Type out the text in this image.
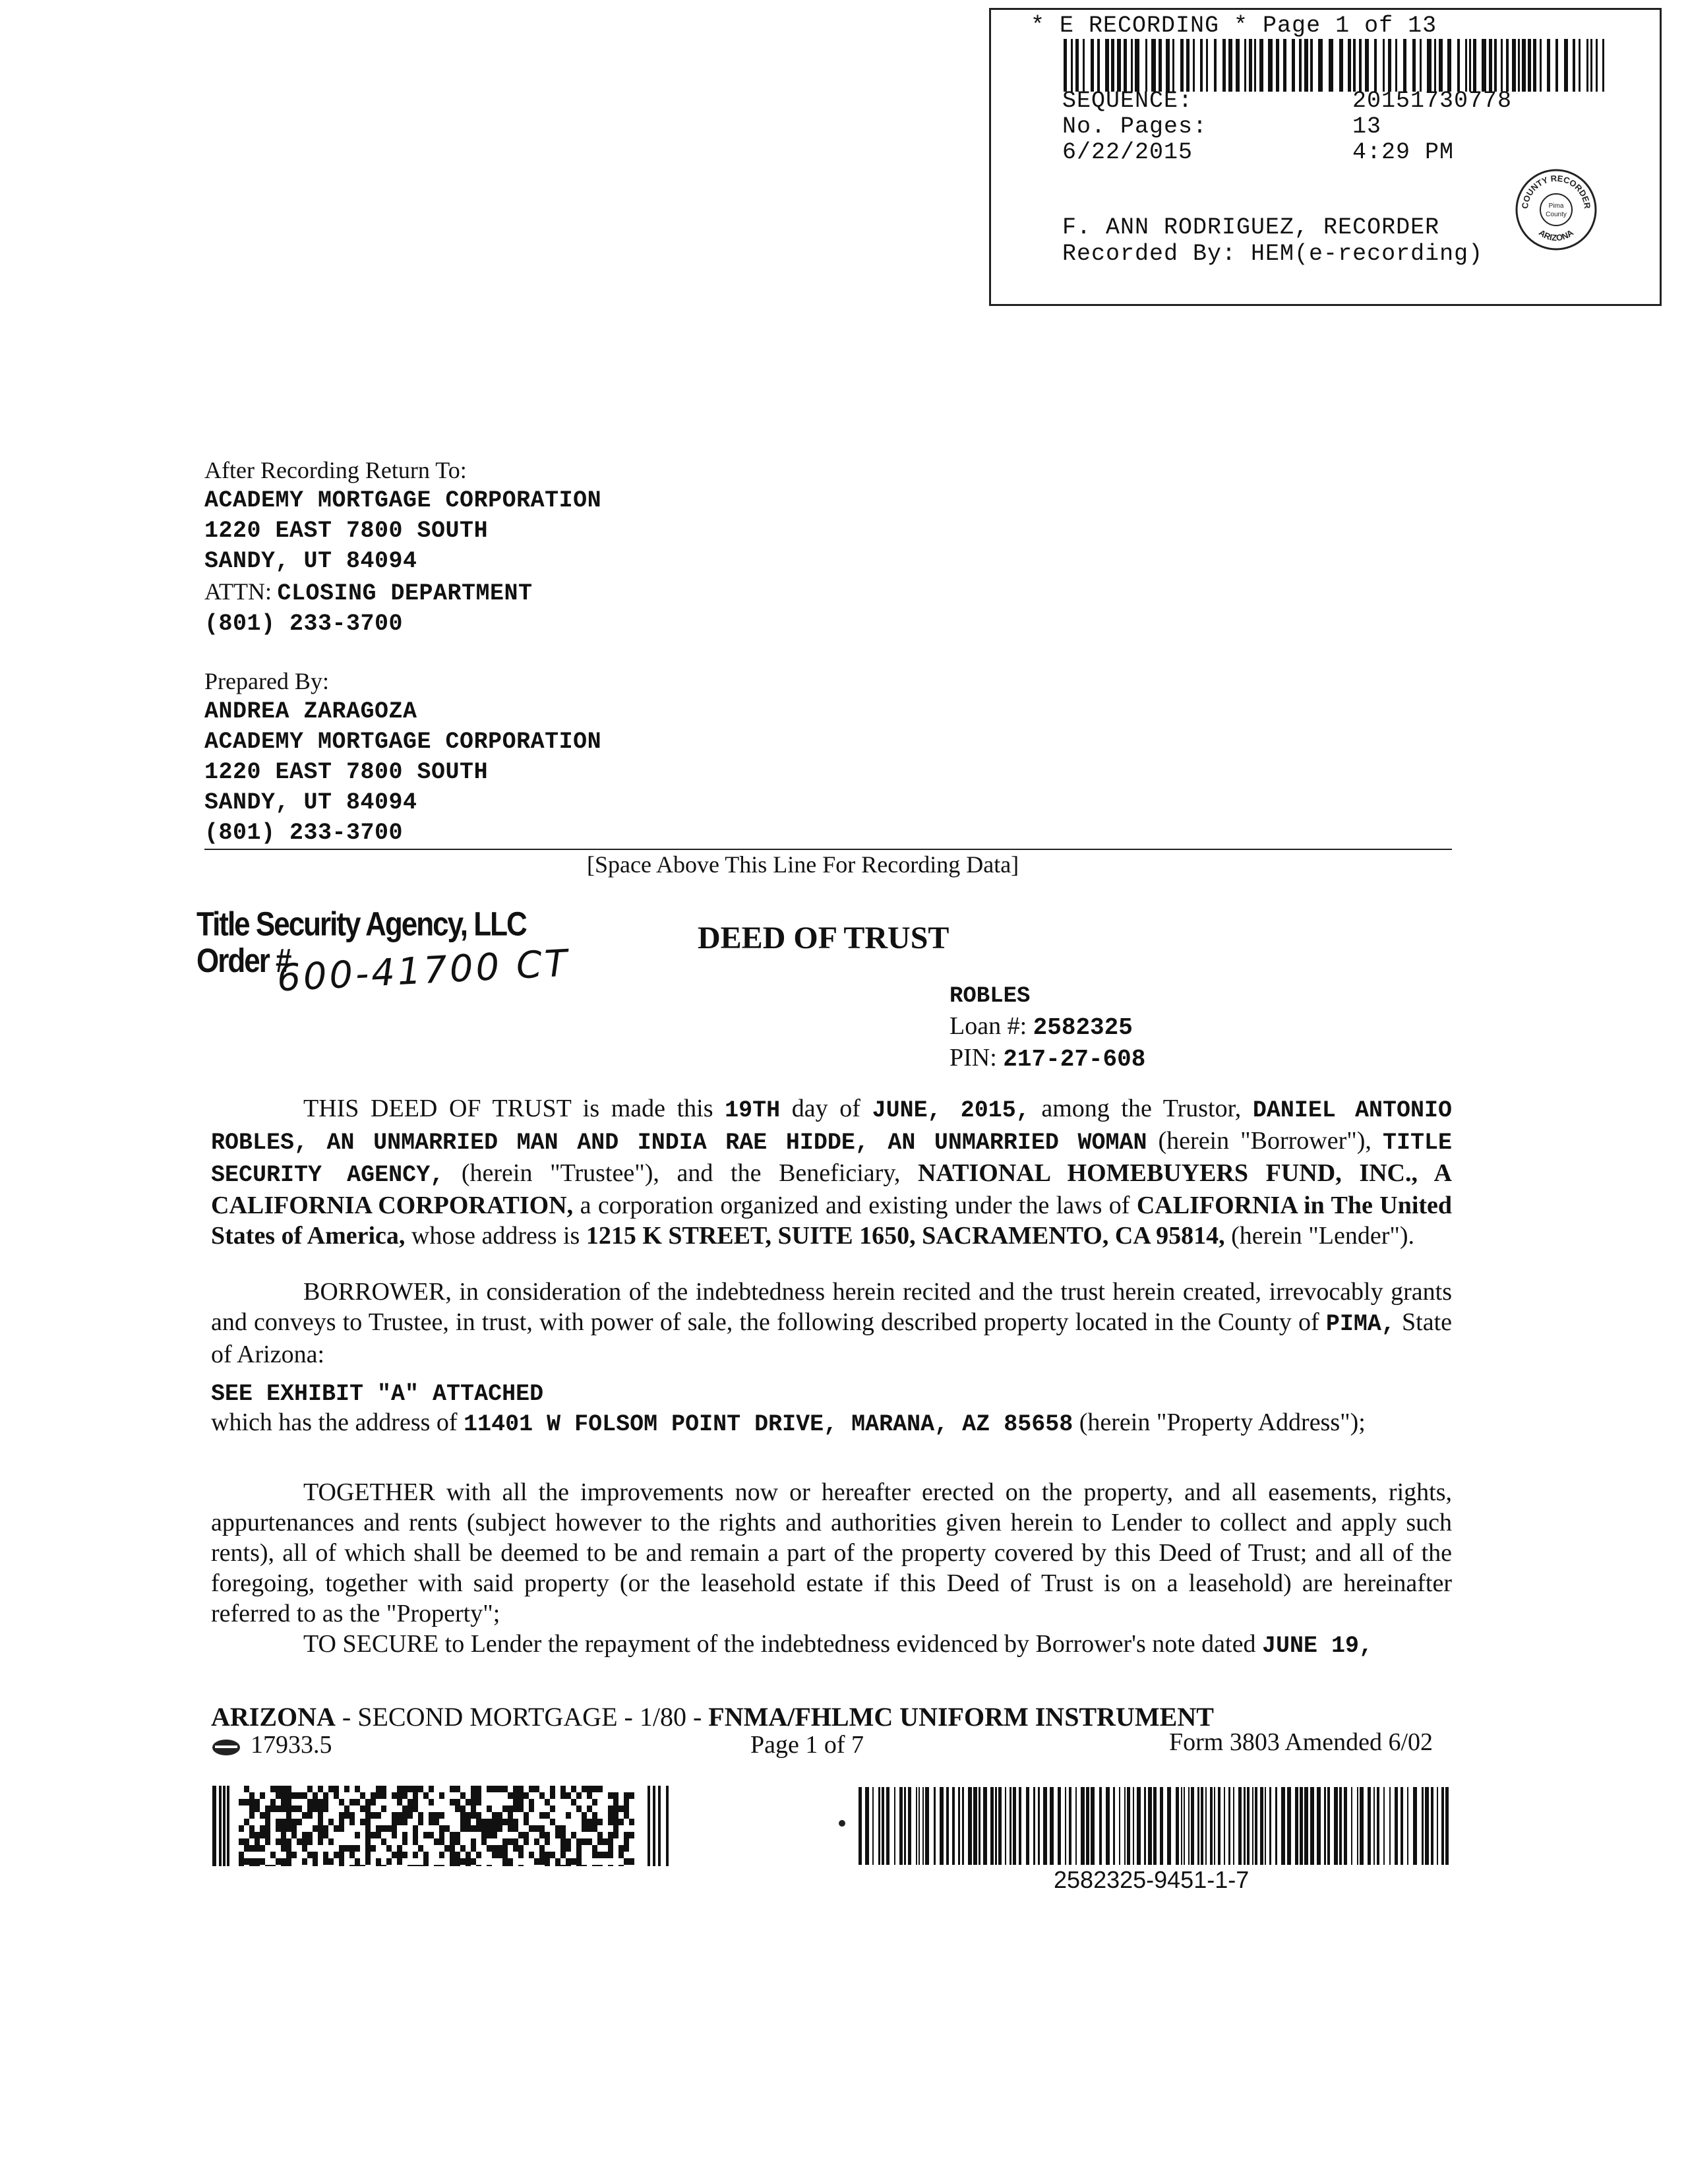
* E RECORDING * Page 1 of 13
SEQUENCE:	20151730778
No. Pages:	13
6/22/2015	4:29 PM
F. ANN RODRIGUEZ, RECORDER
Recorded By: HEM(e-recording)
COUNTY RECORDER
Pima
County
ARIZONA
After Recording Return To:
ACADEMY MORTGAGE CORPORATION
1220 EAST 7800 SOUTH
SANDY, UT 84094
ATTN: CLOSING DEPARTMENT
(801) 233-3700
Prepared By:
ANDREA ZARAGOZA
ACADEMY MORTGAGE CORPORATION
1220 EAST 7800 SOUTH
SANDY, UT 84094
(801) 233-3700
[Space Above This Line For Recording Data]
Title Security Agency, LLC
Order #
600-41700 CT
DEED OF TRUST
ROBLES
Loan #: 2582325
PIN: 217-27-608
THIS DEED OF TRUST is made this 19TH day of JUNE, 2015, among the Trustor, DANIEL ANTONIO ROBLES, AN UNMARRIED MAN AND INDIA RAE HIDDE, AN UNMARRIED WOMAN (herein "Borrower"), TITLE SECURITY AGENCY, (herein "Trustee"), and the Beneficiary, NATIONAL HOMEBUYERS FUND, INC., A CALIFORNIA CORPORATION, a corporation organized and existing under the laws of CALIFORNIA in The United States of America, whose address is 1215 K STREET, SUITE 1650, SACRAMENTO, CA 95814, (herein "Lender").
BORROWER, in consideration of the indebtedness herein recited and the trust herein created, irrevocably grants and conveys to Trustee, in trust, with power of sale, the following described property located in the County of PIMA, State of Arizona:
SEE EXHIBIT "A" ATTACHED
which has the address of 11401 W FOLSOM POINT DRIVE, MARANA, AZ 85658 (herein "Property Address");
TOGETHER with all the improvements now or hereafter erected on the property, and all easements, rights, appurtenances and rents (subject however to the rights and authorities given herein to Lender to collect and apply such rents), all of which shall be deemed to be and remain a part of the property covered by this Deed of Trust; and all of the foregoing, together with said property (or the leasehold estate if this Deed of Trust is on a leasehold) are hereinafter referred to as the "Property";
TO SECURE to Lender the repayment of the indebtedness evidenced by Borrower's note dated JUNE 19,
ARIZONA - SECOND MORTGAGE - 1/80 - FNMA/FHLMC UNIFORM INSTRUMENT
17933.5	Page 1 of 7	Form 3803 Amended 6/02
2582325-9451-1-7
